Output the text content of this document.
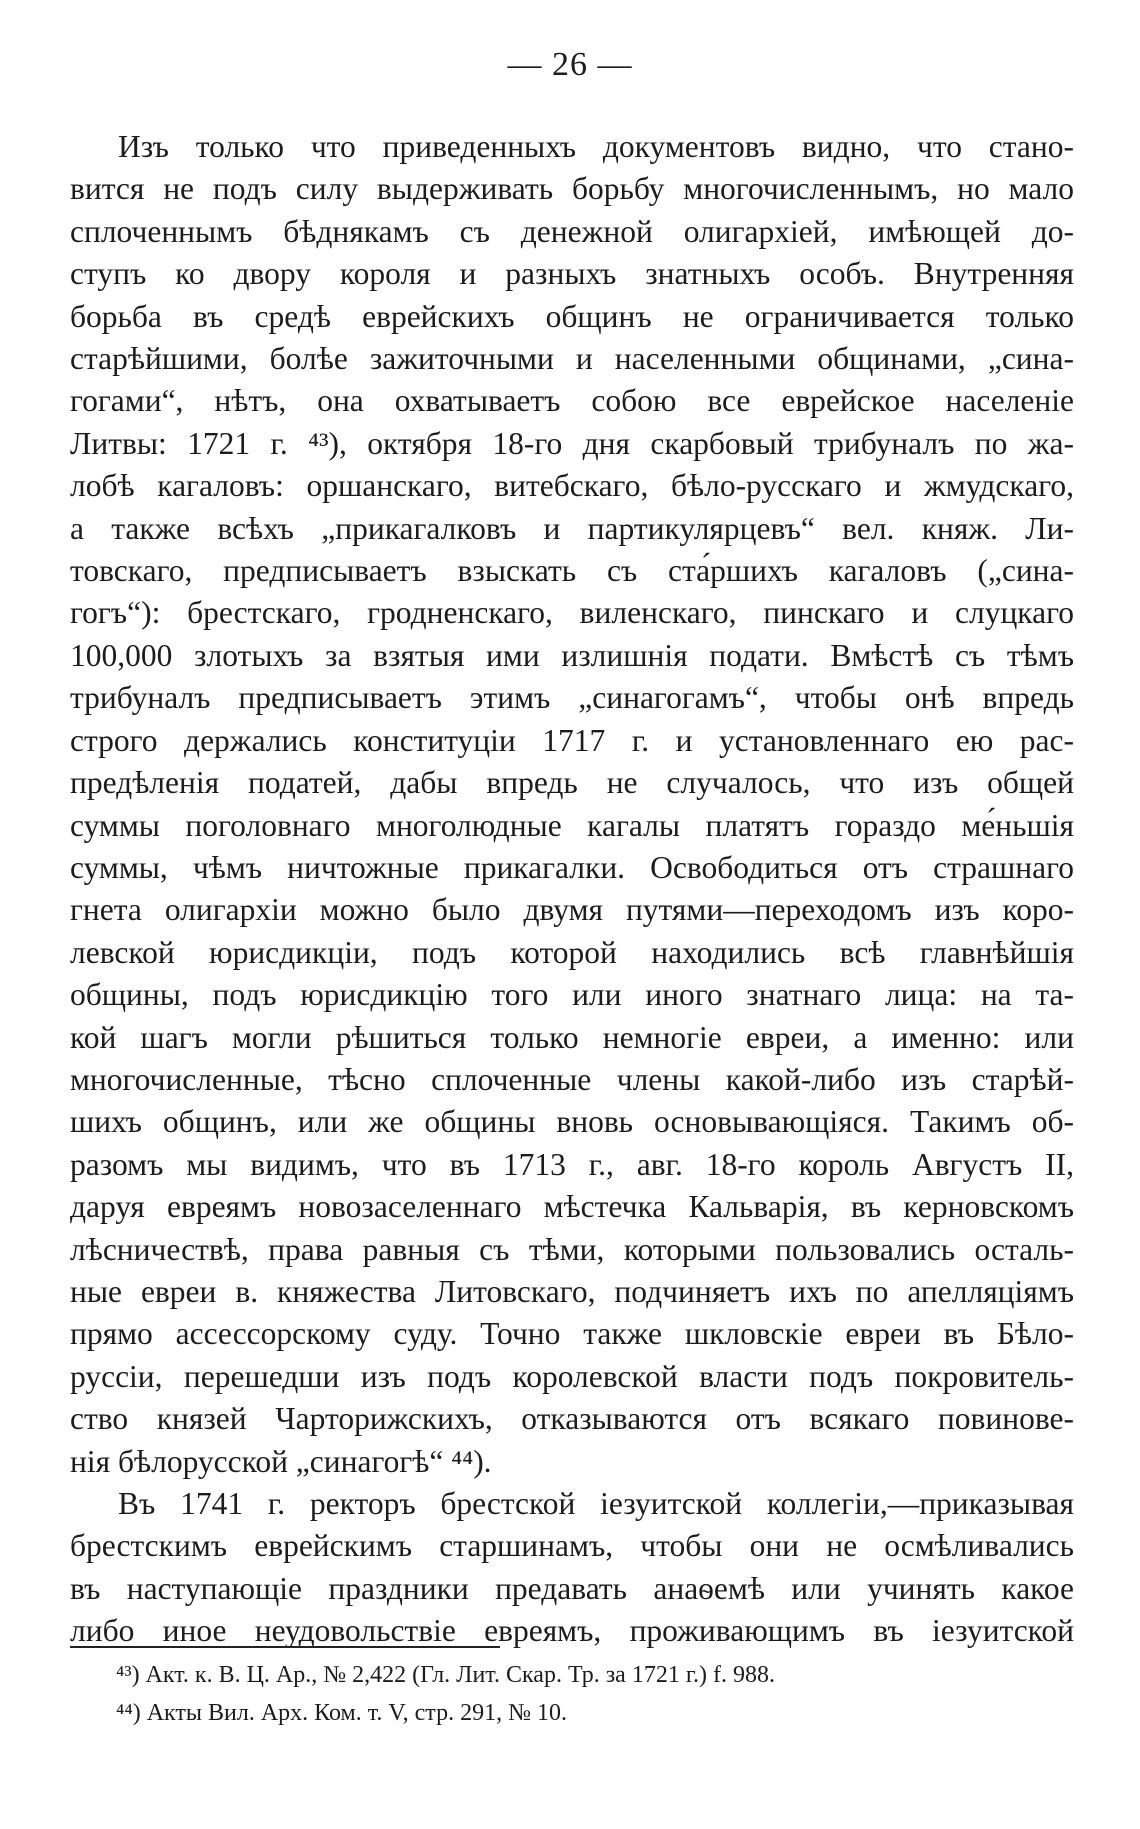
— 26 —
Изъ только что приведенныхъ документовъ видно, что стано-
вится не подъ силу выдерживать борьбу многочисленнымъ, но мало
сплоченнымъ бѣднякамъ съ денежной олигархіей, имѣющей до-
ступъ ко двору короля и разныхъ знатныхъ особъ. Внутренняя
борьба въ средѣ еврейскихъ общинъ не ограничивается только
старѣйшими, болѣе зажиточными и населенными общинами, „сина-
гогами“, нѣтъ, она охватываетъ собою все еврейское населеніе
Литвы: 1721 г. ⁴³), октября 18-го дня скарбовый трибуналъ по жа-
лобѣ кагаловъ: оршанскаго, витебскаго, бѣло-русскаго и жмудскаго,
а также всѣхъ „прикагалковъ и партикулярцевъ“ вел. княж. Ли-
товскаго, предписываетъ взыскать съ ста́ршихъ кагаловъ („сина-
гогъ“): брестскаго, гродненскаго, виленскаго, пинскаго и слуцкаго
100,000 злотыхъ за взятыя ими излишнія подати. Вмѣстѣ съ тѣмъ
трибуналъ предписываетъ этимъ „синагогамъ“, чтобы онѣ впредь
строго держались конституціи 1717 г. и установленнаго ею рас-
предѣленія податей, дабы впредь не случалось, что изъ общей
суммы поголовнаго многолюдные кагалы платятъ гораздо ме́ньшія
суммы, чѣмъ ничтожные прикагалки. Освободиться отъ страшнаго
гнета олигархіи можно было двумя путями—переходомъ изъ коро-
левской юрисдикціи, подъ которой находились всѣ главнѣйшія
общины, подъ юрисдикцію того или иного знатнаго лица: на та-
кой шагъ могли рѣшиться только немногіе евреи, а именно: или
многочисленные, тѣсно сплоченные члены какой-либо изъ старѣй-
шихъ общинъ, или же общины вновь основывающіяся. Такимъ об-
разомъ мы видимъ, что въ 1713 г., авг. 18-го король Августъ II,
даруя евреямъ новозаселеннаго мѣстечка Кальварія, въ керновскомъ
лѣсничествѣ, права равныя съ тѣми, которыми пользовались осталь-
ные евреи в. княжества Литовскаго, подчиняетъ ихъ по апелляціямъ
прямо ассессорскому суду. Точно также шкловскіе евреи въ Бѣло-
руссіи, перешедши изъ подъ королевской власти подъ покровитель-
ство князей Чарторижскихъ, отказываются отъ всякаго повинове-
нія бѣлорусской „синагогѣ“ ⁴⁴).
Въ 1741 г. ректоръ брестской іезуитской коллегіи,—приказывая
брестскимъ еврейскимъ старшинамъ, чтобы они не осмѣливались
въ наступающіе праздники предавать анаѳемѣ или учинять какое
либо иное неудовольствіе евреямъ, проживающимъ въ іезуитской
⁴³) Акт. к. В. Ц. Ар., № 2,422 (Гл. Лит. Скар. Тр. за 1721 г.) f. 988.
⁴⁴) Акты Вил. Арх. Ком. т. V, стр. 291, № 10.
